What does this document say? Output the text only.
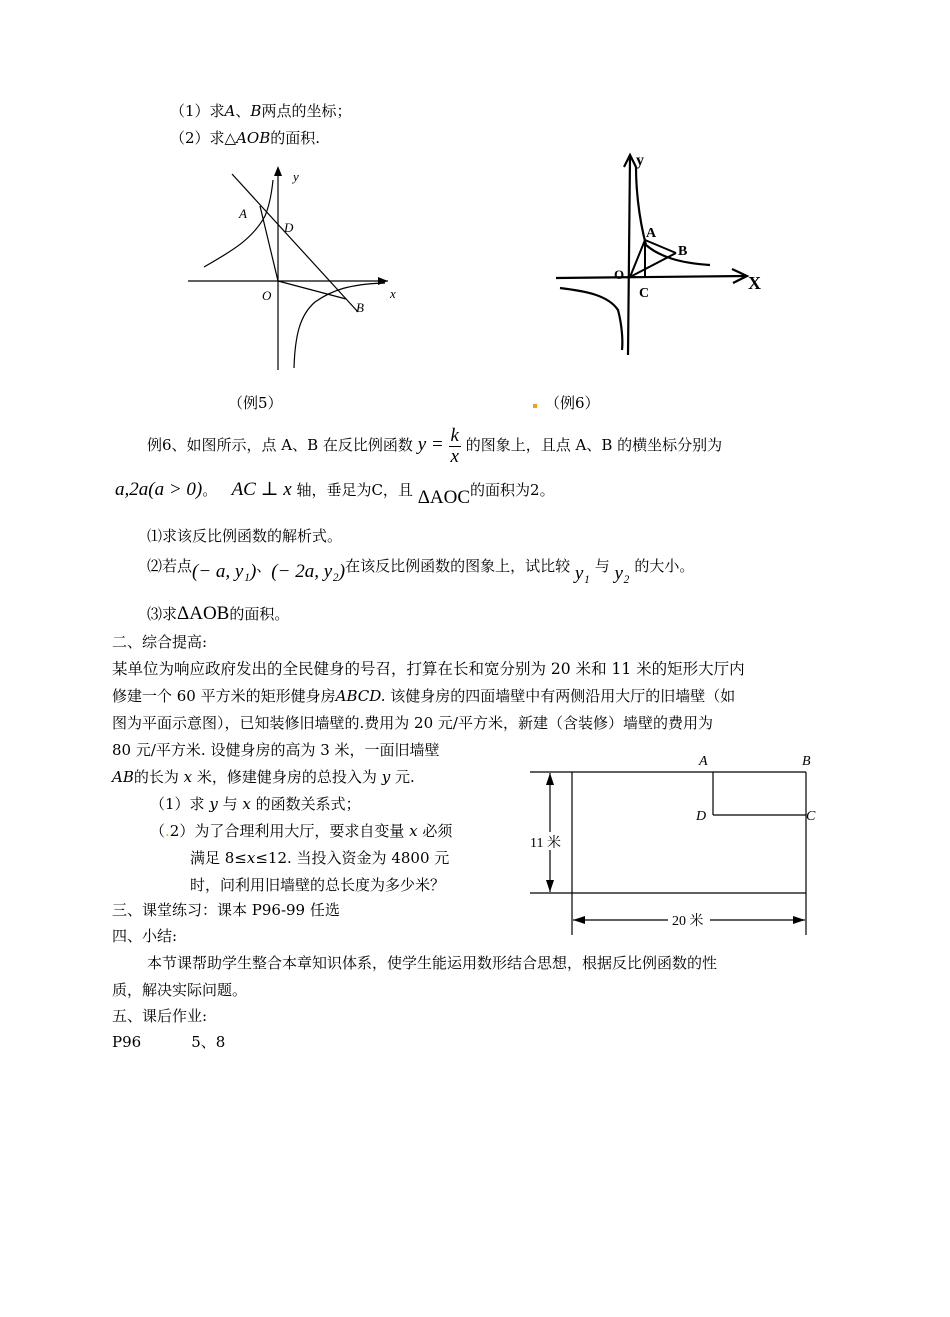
（1）求A、B两点的坐标；
（2）求△AOB的面积.
y
x
O
A
B
D
（例5）
y
X
O
A
B
C
（例6）
例6、如图所示，点 A、B 在反比例函数 $y = \frac{k}{x}$ 的图象上，且点 A、B 的横坐标分别为
a,2a(a > 0)。 AC ⊥ x 轴，垂足为C，且 ΔAOC的面积为2。
⑴求该反比例函数的解析式。
⑵若点(− a, y₁)、(− 2a, y₂)在该反比例函数的图象上，试比较 y₁ 与 y₂ 的大小。
⑶求ΔAOB的面积。
二、综合提高:
某单位为响应政府发出的全民健身的号召，打算在长和宽分别为 20 米和 11 米的矩形大厅内
修建一个 60 平方米的矩形健身房ABCD. 该健身房的四面墙壁中有两侧沿用大厅的旧墙壁（如
图为平面示意图），已知装修旧墙壁的.费用为 20 元/平方米，新建（含装修）墙壁的费用为
80 元/平方米. 设健身房的高为 3 米，一面旧墙壁
AB的长为 x 米，修建健身房的总投入为 y 元.
（1）求 y 与 x 的函数关系式；
（.2）为了合理利用大厅，要求自变量 x 必须
满足 8≤x≤12. 当投入资金为 4800 元
时，问利用旧墙壁的总长度为多少米？
11 米
20 米
A	B
D	C
三、课堂练习：课本 P96-99 任选
四、小结:
本节课帮助学生整合本章知识体系，使学生能运用数形结合思想，根据反比例函数的性
质，解决实际问题。
五、课后作业:
P96	5、8
